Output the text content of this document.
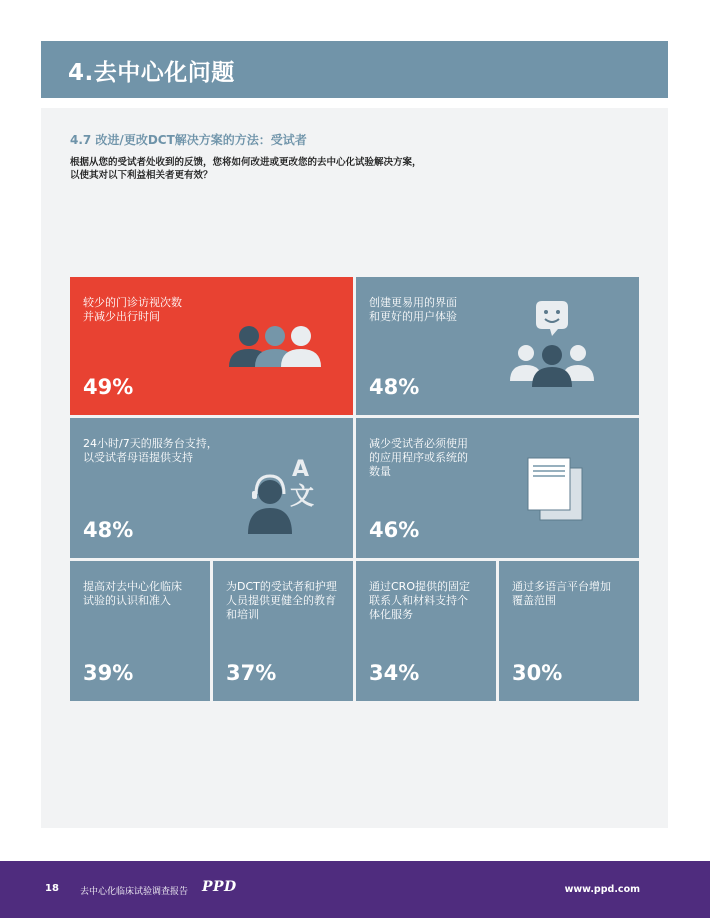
4.去中心化问题
4.7 改进/更改DCT解决方案的方法：受试者
根据从您的受试者处收到的反馈，您将如何改进或更改您的去中心化试验解决方案，
以使其对以下利益相关者更有效？
较少的门诊访视次数
并减少出行时间
49%
创建更易用的界面
和更好的用户体验
48%
24小时/7天的服务台支持，
以受试者母语提供支持
48%
A
文
减少受试者必须使用
的应用程序或系统的
数量
46%
提高对去中心化临床
试验的认识和准入
39%
为DCT的受试者和护理
人员提供更健全的教育
和培训
37%
通过CRO提供的固定
联系人和材料支持个
体化服务
34%
通过多语言平台增加
覆盖范围
30%
18 去中心化临床试验调查报告 PPD	www.ppd.com
